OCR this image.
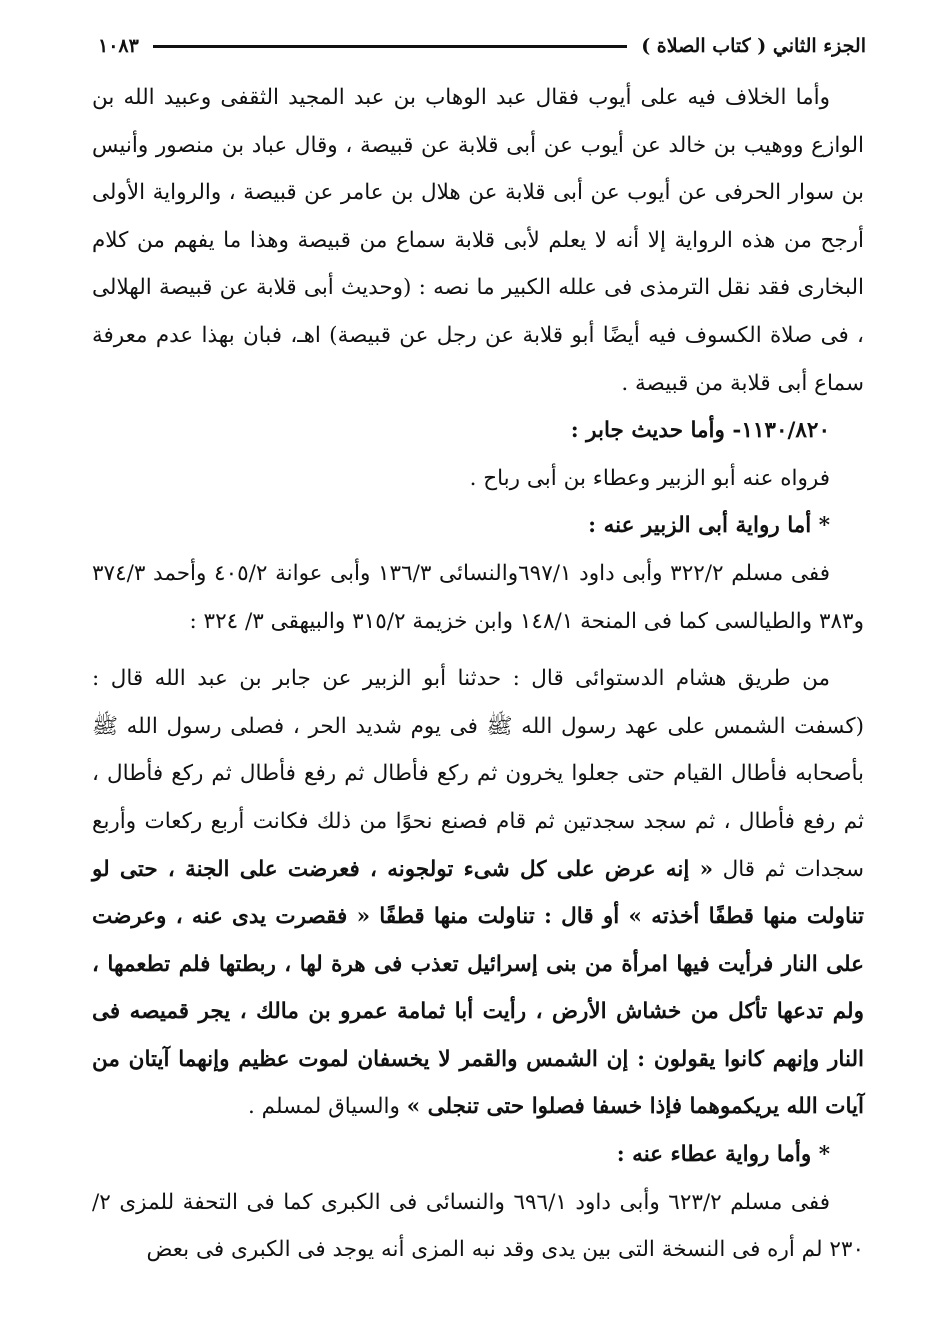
الجزء الثاني ( كتاب الصلاة )
١٠٨٣

وأما الخلاف فيه على أيوب فقال عبد الوهاب بن عبد المجيد الثقفى وعبيد الله بن الوازع ووهيب بن خالد عن أيوب عن أبى قلابة عن قبيصة ، وقال عباد بن منصور وأنيس بن سوار الحرفى عن أيوب عن أبى قلابة عن هلال بن عامر عن قبيصة ، والرواية الأولى أرجح من هذه الرواية إلا أنه لا يعلم لأبى قلابة سماع من قبيصة وهذا ما يفهم من كلام البخارى فقد نقل الترمذى فى علله الكبير ما نصه : (وحديث أبى قلابة عن قبيصة الهلالى ، فى صلاة الكسوف فيه أيضًا أبو قلابة عن رجل عن قبيصة) اهـ، فبان بهذا عدم معرفة سماع أبى قلابة من قبيصة .

١١٣٠/٨٢٠- وأما حديث جابر :

فرواه عنه أبو الزبير وعطاء بن أبى رباح .

* أما رواية أبى الزبير عنه :

ففى مسلم ٣٢٢/٢ وأبى داود ٦٩٧/١والنسائى ١٣٦/٣ وأبى عوانة ٤٠٥/٢ وأحمد ٣٧٤/٣ و٣٨٣ والطيالسى كما فى المنحة ١٤٨/١ وابن خزيمة ٣١٥/٢ والبيهقى ٣/ ٣٢٤ :

من طريق هشام الدستوائى قال : حدثنا أبو الزبير عن جابر بن عبد الله قال : (كسفت الشمس على عهد رسول الله ﷺ فى يوم شديد الحر ، فصلى رسول الله ﷺ بأصحابه فأطال القيام حتى جعلوا يخرون ثم ركع فأطال ثم رفع فأطال ثم ركع فأطال ، ثم رفع فأطال ، ثم سجد سجدتين ثم قام فصنع نحوًا من ذلك فكانت أربع ركعات وأربع سجدات ثم قال « إنه عرض على كل شىء تولجونه ، فعرضت على الجنة ، حتى لو تناولت منها قطفًا أخذته » أو قال : تناولت منها قطفًا « فقصرت يدى عنه ، وعرضت على النار فرأيت فيها امرأة من بنى إسرائيل تعذب فى هرة لها ، ربطتها فلم تطعمها ، ولم تدعها تأكل من خشاش الأرض ، رأيت أبا ثمامة عمرو بن مالك ، يجر قميصه فى النار وإنهم كانوا يقولون : إن الشمس والقمر لا يخسفان لموت عظيم وإنهما آيتان من آيات الله يريكموهما فإذا خسفا فصلوا حتى تنجلى » والسياق لمسلم .

* وأما رواية عطاء عنه :

ففى مسلم ٦٢٣/٢ وأبى داود ٦٩٦/١ والنسائى فى الكبرى كما فى التحفة للمزى ٢/ ٢٣٠ لم أره فى النسخة التى بين يدى وقد نبه المزى أنه يوجد فى الكبرى فى بعض
